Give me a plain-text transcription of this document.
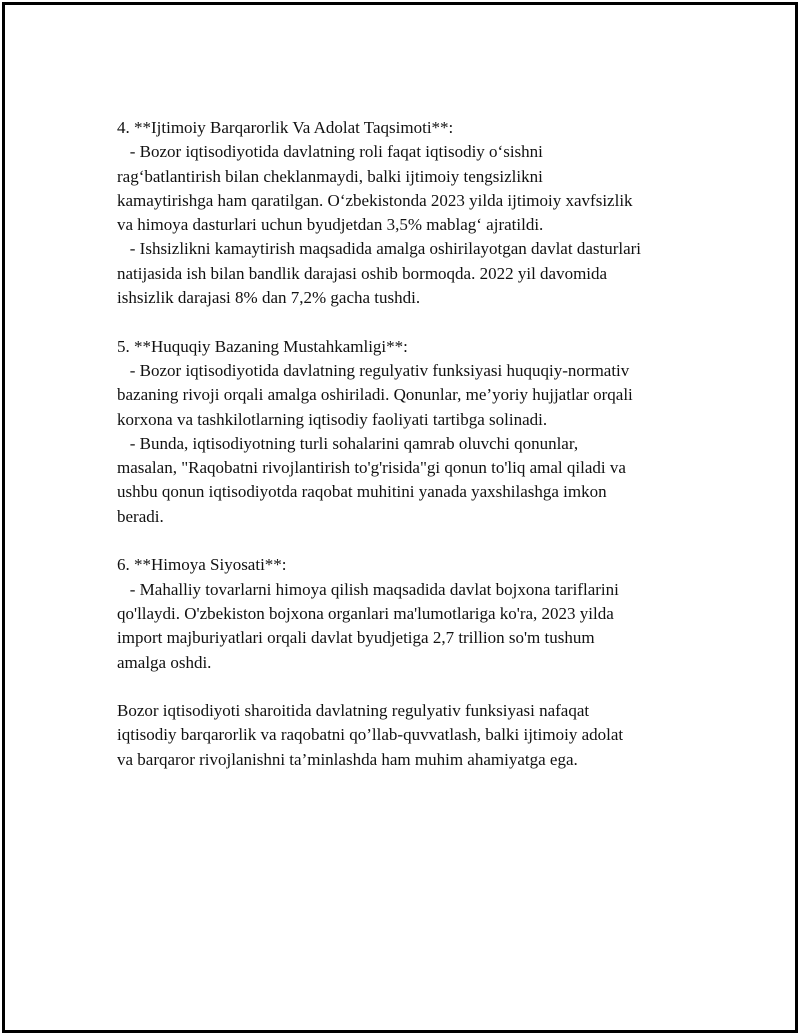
4. **Ijtimoiy Barqarorlik Va Adolat Taqsimoti**:

- Bozor iqtisodiyotida davlatning roli faqat iqtisodiy o‘sishni

rag‘batlantirish bilan cheklanmaydi, balki ijtimoiy tengsizlikni

kamaytirishga ham qaratilgan. O‘zbekistonda 2023 yilda ijtimoiy xavfsizlik

va himoya dasturlari uchun byudjetdan 3,5% mablag‘ ajratildi.

- Ishsizlikni kamaytirish maqsadida amalga oshirilayotgan davlat dasturlari

natijasida ish bilan bandlik darajasi oshib bormoqda. 2022 yil davomida

ishsizlik darajasi 8% dan 7,2% gacha tushdi.

5. **Huquqiy Bazaning Mustahkamligi**:

- Bozor iqtisodiyotida davlatning regulyativ funksiyasi huquqiy-normativ

bazaning rivoji orqali amalga oshiriladi. Qonunlar, me’yoriy hujjatlar orqali

korxona va tashkilotlarning iqtisodiy faoliyati tartibga solinadi.

- Bunda, iqtisodiyotning turli sohalarini qamrab oluvchi qonunlar,

masalan, "Raqobatni rivojlantirish to'g'risida"gi qonun to'liq amal qiladi va

ushbu qonun iqtisodiyotda raqobat muhitini yanada yaxshilashga imkon

beradi.

6. **Himoya Siyosati**:

- Mahalliy tovarlarni himoya qilish maqsadida davlat bojxona tariflarini

qo'llaydi. O'zbekiston bojxona organlari ma'lumotlariga ko'ra, 2023 yilda

import majburiyatlari orqali davlat byudjetiga 2,7 trillion so'm tushum

amalga oshdi.

Bozor iqtisodiyoti sharoitida davlatning regulyativ funksiyasi nafaqat

iqtisodiy barqarorlik va raqobatni qo’llab-quvvatlash, balki ijtimoiy adolat

va barqaror rivojlanishni ta’minlashda ham muhim ahamiyatga ega.
